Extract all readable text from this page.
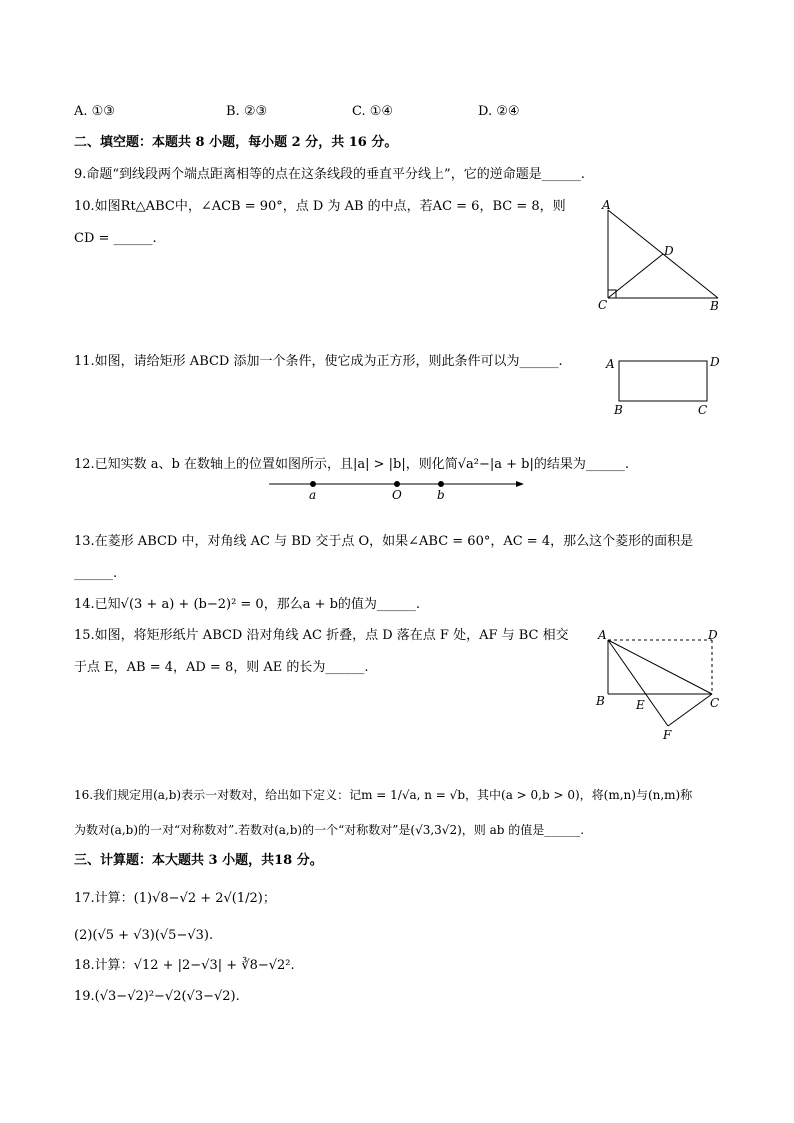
A. ①③	B. ②③	C. ①④	D. ②④
二、填空题：本题共 8 小题，每小题 2 分，共 16 分。
9.命题“到线段两个端点距离相等的点在这条线段的垂直平分线上”，它的逆命题是______.
10.如图Rt△ABC中，∠ACB = 90°，点 D 为 AB 的中点，若AC = 6，BC = 8，则
CD = ______.
A
D
C	B
11.如图，请给矩形 ABCD 添加一个条件，使它成为正方形，则此条件可以为______.	A	D
B	C
12.已知实数 a、b 在数轴上的位置如图所示，且|a| > |b|，则化简√a²−|a + b|的结果为______.
a	O	b
13.在菱形 ABCD 中，对角线 AC 与 BD 交于点 O，如果∠ABC = 60°，AC = 4，那么这个菱形的面积是
______.
14.已知√(3 + a) + (b−2)² = 0，那么a + b的值为______.
15.如图，将矩形纸片 ABCD 沿对角线 AC 折叠，点 D 落在点 F 处，AF 与 BC 相交
于点 E，AB = 4，AD = 8，则 AE 的长为______.
A	D
B	C
E
F
16.我们规定用(a,b)表示一对数对，给出如下定义：记m = 1/√a, n = √b，其中(a > 0,b > 0)，将(m,n)与(n,m)称
为数对(a,b)的一对“对称数对”.若数对(a,b)的一个“对称数对”是(√3,3√2)，则 ab 的值是______.
三、计算题：本大题共 3 小题，共18 分。
17.计算：(1)√8−√2 + 2√(1/2)；
(2)(√5 + √3)(√5−√3).
18.计算：√12 + |2−√3| + ∛8−√2².
19.(√3−√2)²−√2(√3−√2).
